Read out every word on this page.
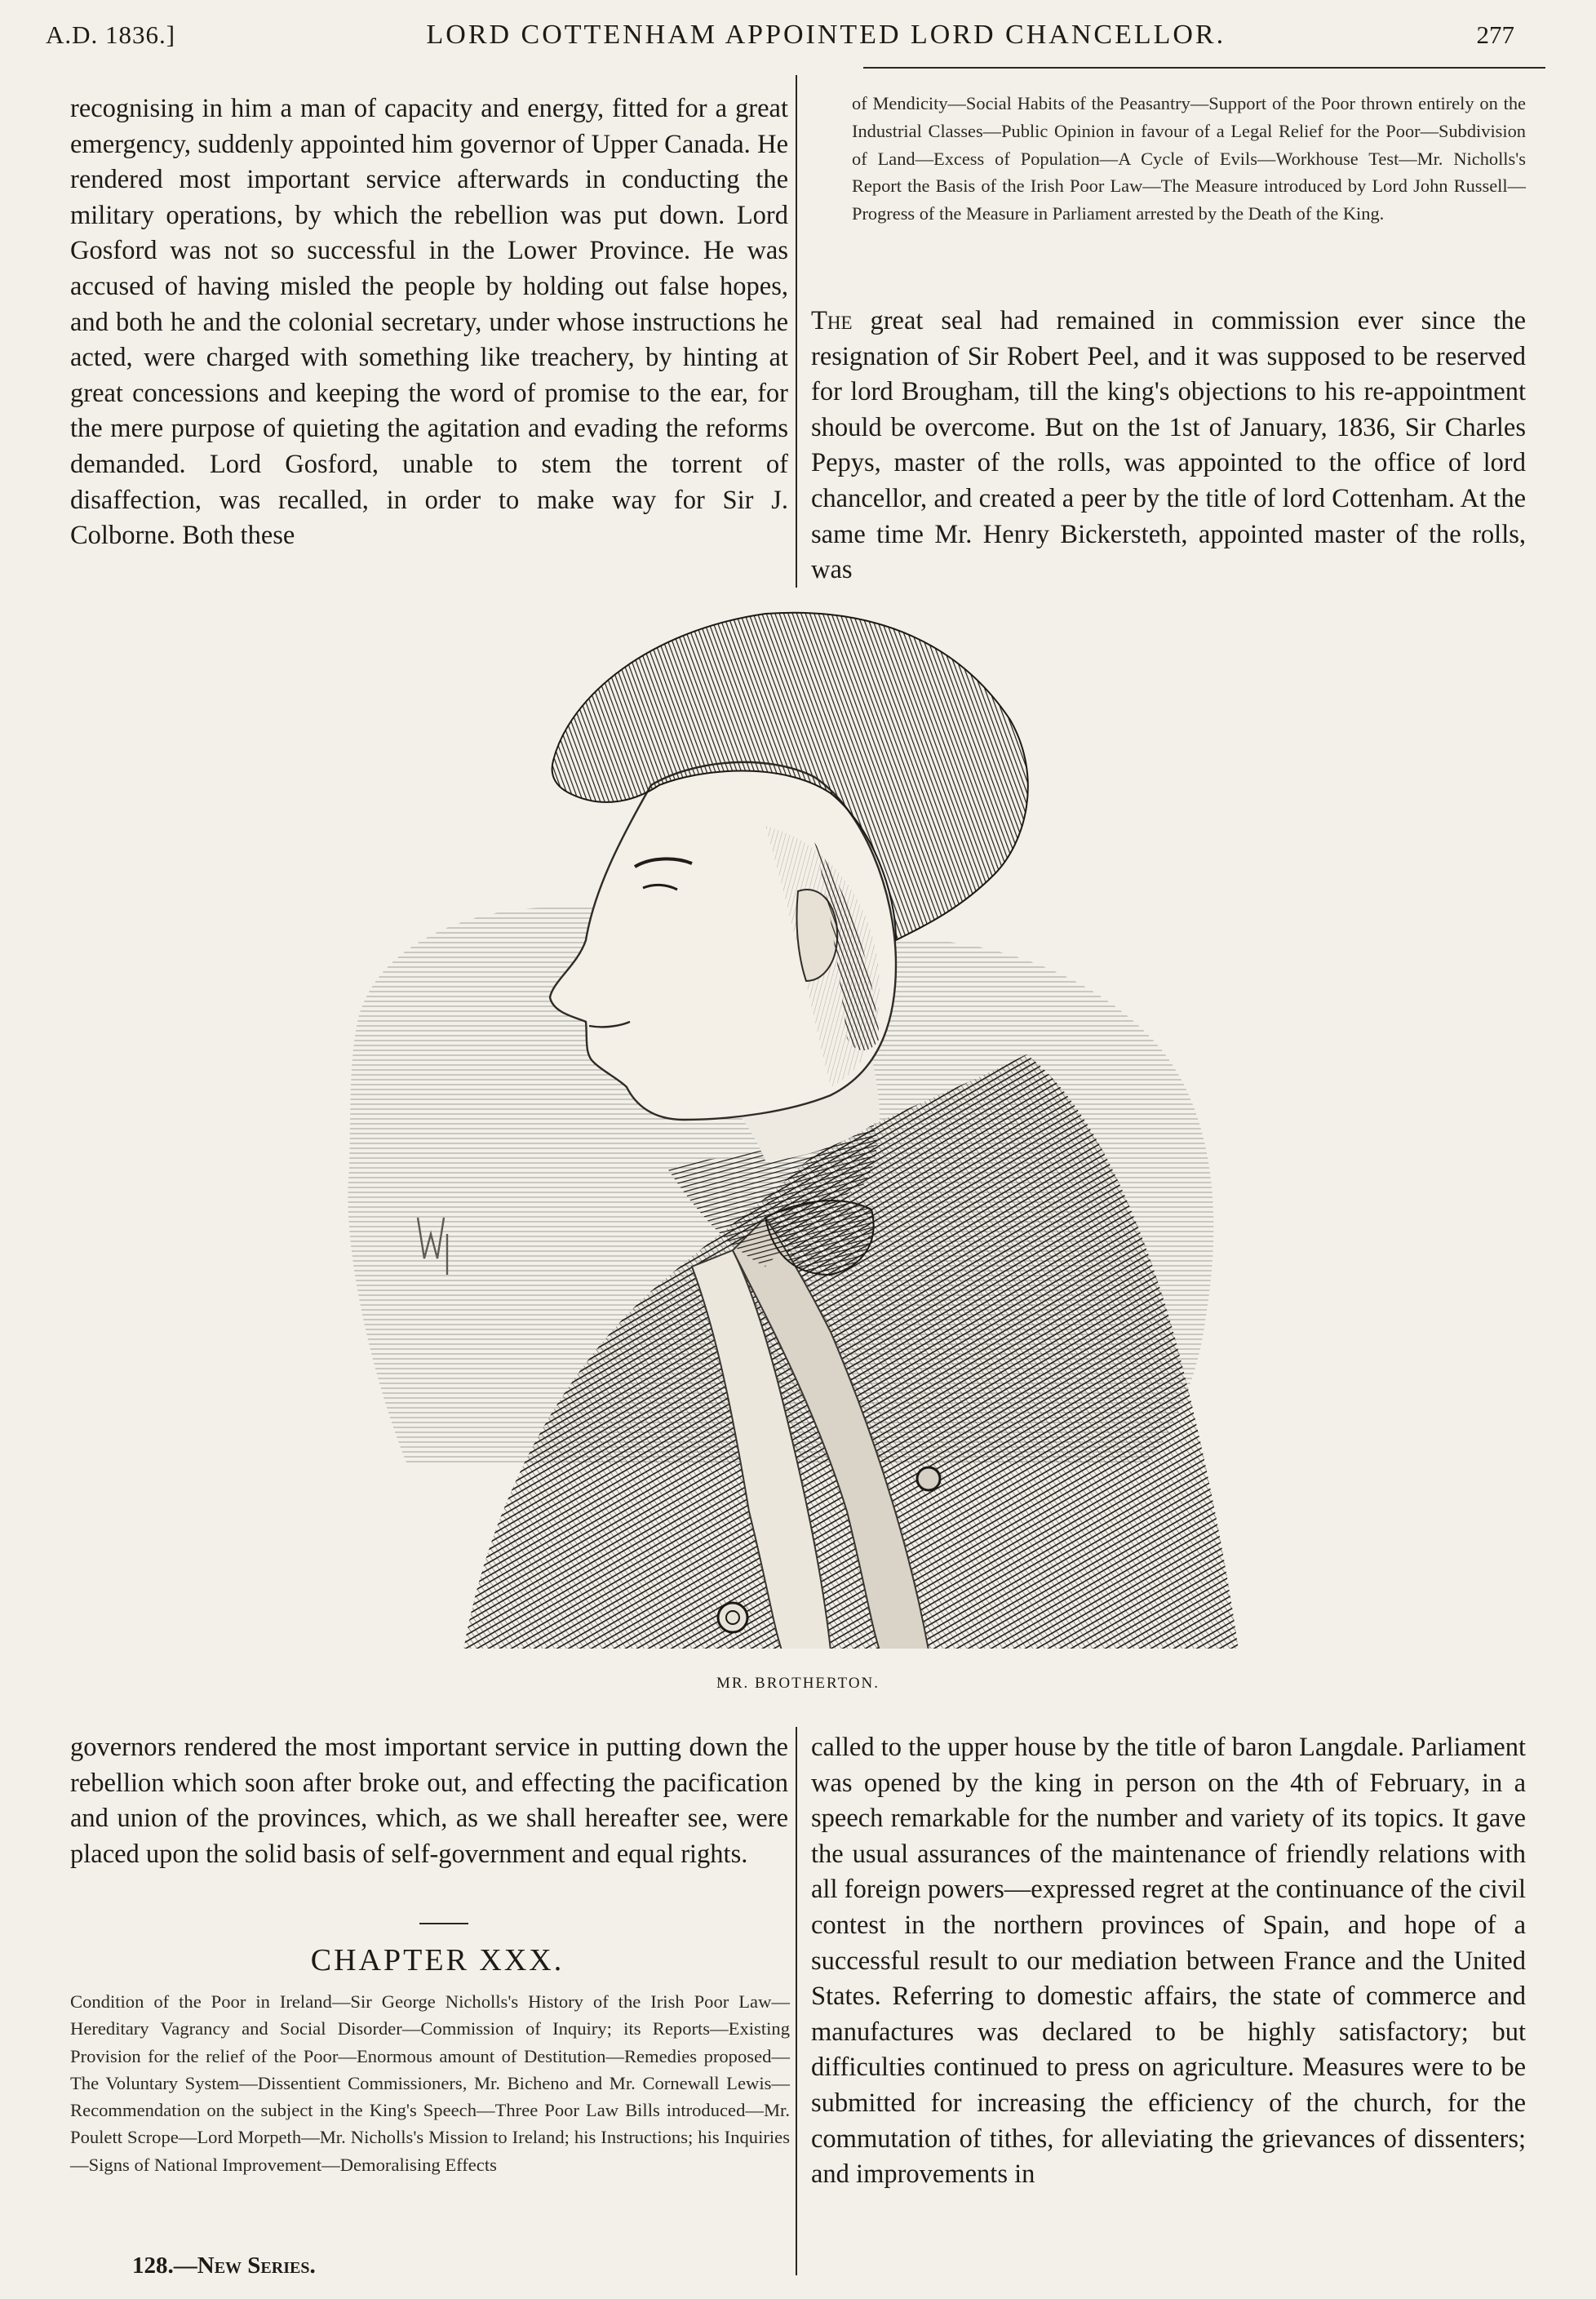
A.D. 1836.]	LORD COTTENHAM APPOINTED LORD CHANCELLOR.	277

recognising in him a man of capacity and energy, fitted for a great emergency, suddenly appointed him governor of Upper Canada. He rendered most important service afterwards in conducting the military operations, by which the rebellion was put down. Lord Gosford was not so successful in the Lower Province. He was accused of having misled the people by holding out false hopes, and both he and the colonial secretary, under whose instructions he acted, were charged with something like treachery, by hinting at great concessions and keeping the word of promise to the ear, for the mere purpose of quieting the agitation and evading the reforms demanded. Lord Gosford, unable to stem the torrent of disaffection, was recalled, in order to make way for Sir J. Colborne. Both these

of Mendicity—Social Habits of the Peasantry—Support of the Poor thrown entirely on the Industrial Classes—Public Opinion in favour of a Legal Relief for the Poor—Subdivision of Land—Excess of Population—A Cycle of Evils—Workhouse Test—Mr. Nicholls's Report the Basis of the Irish Poor Law—The Measure introduced by Lord John Russell—Progress of the Measure in Parliament arrested by the Death of the King.

The great seal had remained in commission ever since the resignation of Sir Robert Peel, and it was supposed to be reserved for lord Brougham, till the king's objections to his re-appointment should be overcome. But on the 1st of January, 1836, Sir Charles Pepys, master of the rolls, was appointed to the office of lord chancellor, and created a peer by the title of lord Cottenham. At the same time Mr. Henry Bickersteth, appointed master of the rolls, was

MR. BROTHERTON.

governors rendered the most important service in putting down the rebellion which soon after broke out, and effecting the pacification and union of the provinces, which, as we shall hereafter see, were placed upon the solid basis of self-government and equal rights.

CHAPTER XXX.
Condition of the Poor in Ireland—Sir George Nicholls's History of the Irish Poor Law—Hereditary Vagrancy and Social Disorder—Commission of Inquiry; its Reports—Existing Provision for the relief of the Poor—Enormous amount of Destitution—Remedies proposed—The Voluntary System—Dissentient Commissioners, Mr. Bicheno and Mr. Cornewall Lewis—Recommendation on the subject in the King's Speech—Three Poor Law Bills introduced—Mr. Poulett Scrope—Lord Morpeth—Mr. Nicholls's Mission to Ireland; his Instructions; his Inquiries—Signs of National Improvement—Demoralising Effects

called to the upper house by the title of baron Langdale. Parliament was opened by the king in person on the 4th of February, in a speech remarkable for the number and variety of its topics. It gave the usual assurances of the maintenance of friendly relations with all foreign powers—expressed regret at the continuance of the civil contest in the northern provinces of Spain, and hope of a successful result to our mediation between France and the United States. Referring to domestic affairs, the state of commerce and manufactures was declared to be highly satisfactory; but difficulties continued to press on agriculture. Measures were to be submitted for increasing the efficiency of the church, for the commutation of tithes, for alleviating the grievances of dissenters; and improvements in

128.—New Series.
